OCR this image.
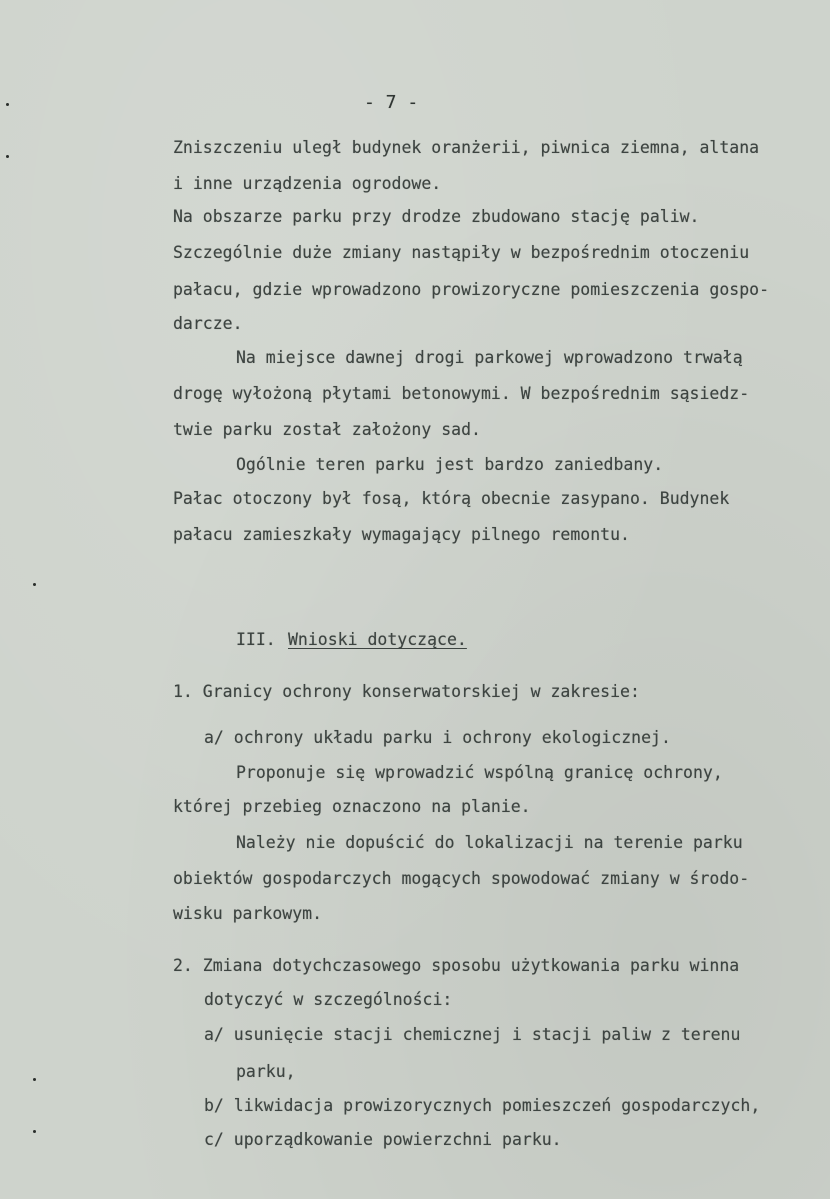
- 7 -

Zniszczeniu uległ budynek oranżerii, piwnica ziemna, altana

i inne urządzenia ogrodowe.

Na obszarze parku przy drodze zbudowano stację paliw.

Szczególnie duże zmiany nastąpiły w bezpośrednim otoczeniu

pałacu, gdzie wprowadzono prowizoryczne pomieszczenia gospo-

darcze.

Na miejsce dawnej drogi parkowej wprowadzono trwałą

drogę wyłożoną płytami betonowymi. W bezpośrednim sąsiedz-

twie parku został założony sad.

Ogólnie teren parku jest bardzo zaniedbany.

Pałac otoczony był fosą, którą obecnie zasypano. Budynek

pałacu zamieszkały wymagający pilnego remontu.

III. Wnioski dotyczące.

1. Granicy ochrony konserwatorskiej w zakresie:

a/ ochrony układu parku i ochrony ekologicznej.

Proponuje się wprowadzić wspólną granicę ochrony,

której przebieg oznaczono na planie.

Należy nie dopuścić do lokalizacji na terenie parku

obiektów gospodarczych mogących spowodować zmiany w środo-

wisku parkowym.

2. Zmiana dotychczasowego sposobu użytkowania parku winna

dotyczyć w szczególności:

a/ usunięcie stacji chemicznej i stacji paliw z terenu

parku,

b/ likwidacja prowizorycznych pomieszczeń gospodarczych,

c/ uporządkowanie powierzchni parku.
